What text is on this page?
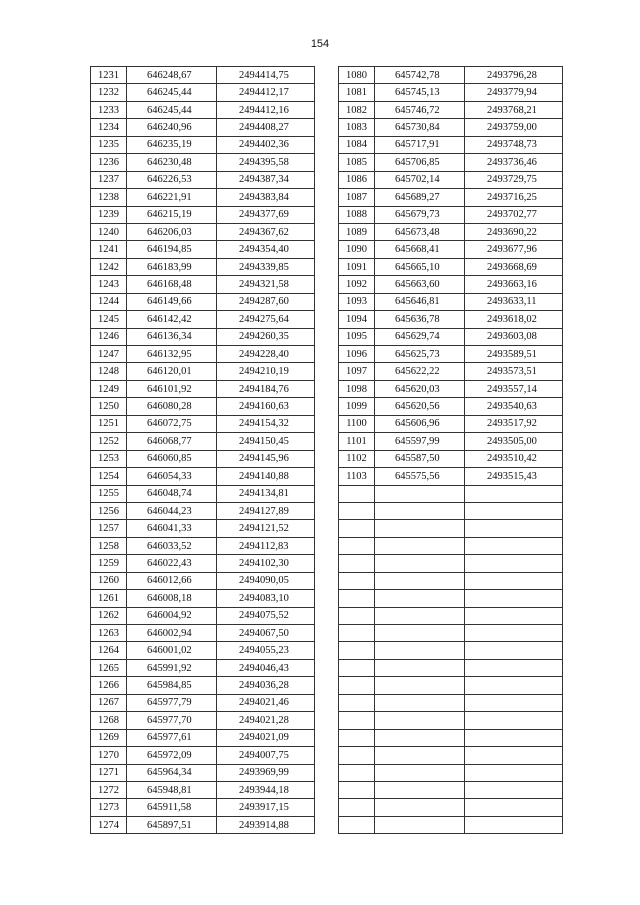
154
1231	646248,67	2494414,75
1232	646245,44	2494412,17
1233	646245,44	2494412,16
1234	646240,96	2494408,27
1235	646235,19	2494402,36
1236	646230,48	2494395,58
1237	646226,53	2494387,34
1238	646221,91	2494383,84
1239	646215,19	2494377,69
1240	646206,03	2494367,62
1241	646194,85	2494354,40
1242	646183,99	2494339,85
1243	646168,48	2494321,58
1244	646149,66	2494287,60
1245	646142,42	2494275,64
1246	646136,34	2494260,35
1247	646132,95	2494228,40
1248	646120,01	2494210,19
1249	646101,92	2494184,76
1250	646080,28	2494160,63
1251	646072,75	2494154,32
1252	646068,77	2494150,45
1253	646060,85	2494145,96
1254	646054,33	2494140,88
1255	646048,74	2494134,81
1256	646044,23	2494127,89
1257	646041,33	2494121,52
1258	646033,52	2494112,83
1259	646022,43	2494102,30
1260	646012,66	2494090,05
1261	646008,18	2494083,10
1262	646004,92	2494075,52
1263	646002,94	2494067,50
1264	646001,02	2494055,23
1265	645991,92	2494046,43
1266	645984,85	2494036,28
1267	645977,79	2494021,46
1268	645977,70	2494021,28
1269	645977,61	2494021,09
1270	645972,09	2494007,75
1271	645964,34	2493969,99
1272	645948,81	2493944,18
1273	645911,58	2493917,15
1274	645897,51	2493914,88
1080	645742,78	2493796,28
1081	645745,13	2493779,94
1082	645746,72	2493768,21
1083	645730,84	2493759,00
1084	645717,91	2493748,73
1085	645706,85	2493736,46
1086	645702,14	2493729,75
1087	645689,27	2493716,25
1088	645679,73	2493702,77
1089	645673,48	2493690,22
1090	645668,41	2493677,96
1091	645665,10	2493668,69
1092	645663,60	2493663,16
1093	645646,81	2493633,11
1094	645636,78	2493618,02
1095	645629,74	2493603,08
1096	645625,73	2493589,51
1097	645622,22	2493573,51
1098	645620,03	2493557,14
1099	645620,56	2493540,63
1100	645606,96	2493517,92
1101	645597,99	2493505,00
1102	645587,50	2493510,42
1103	645575,56	2493515,43
